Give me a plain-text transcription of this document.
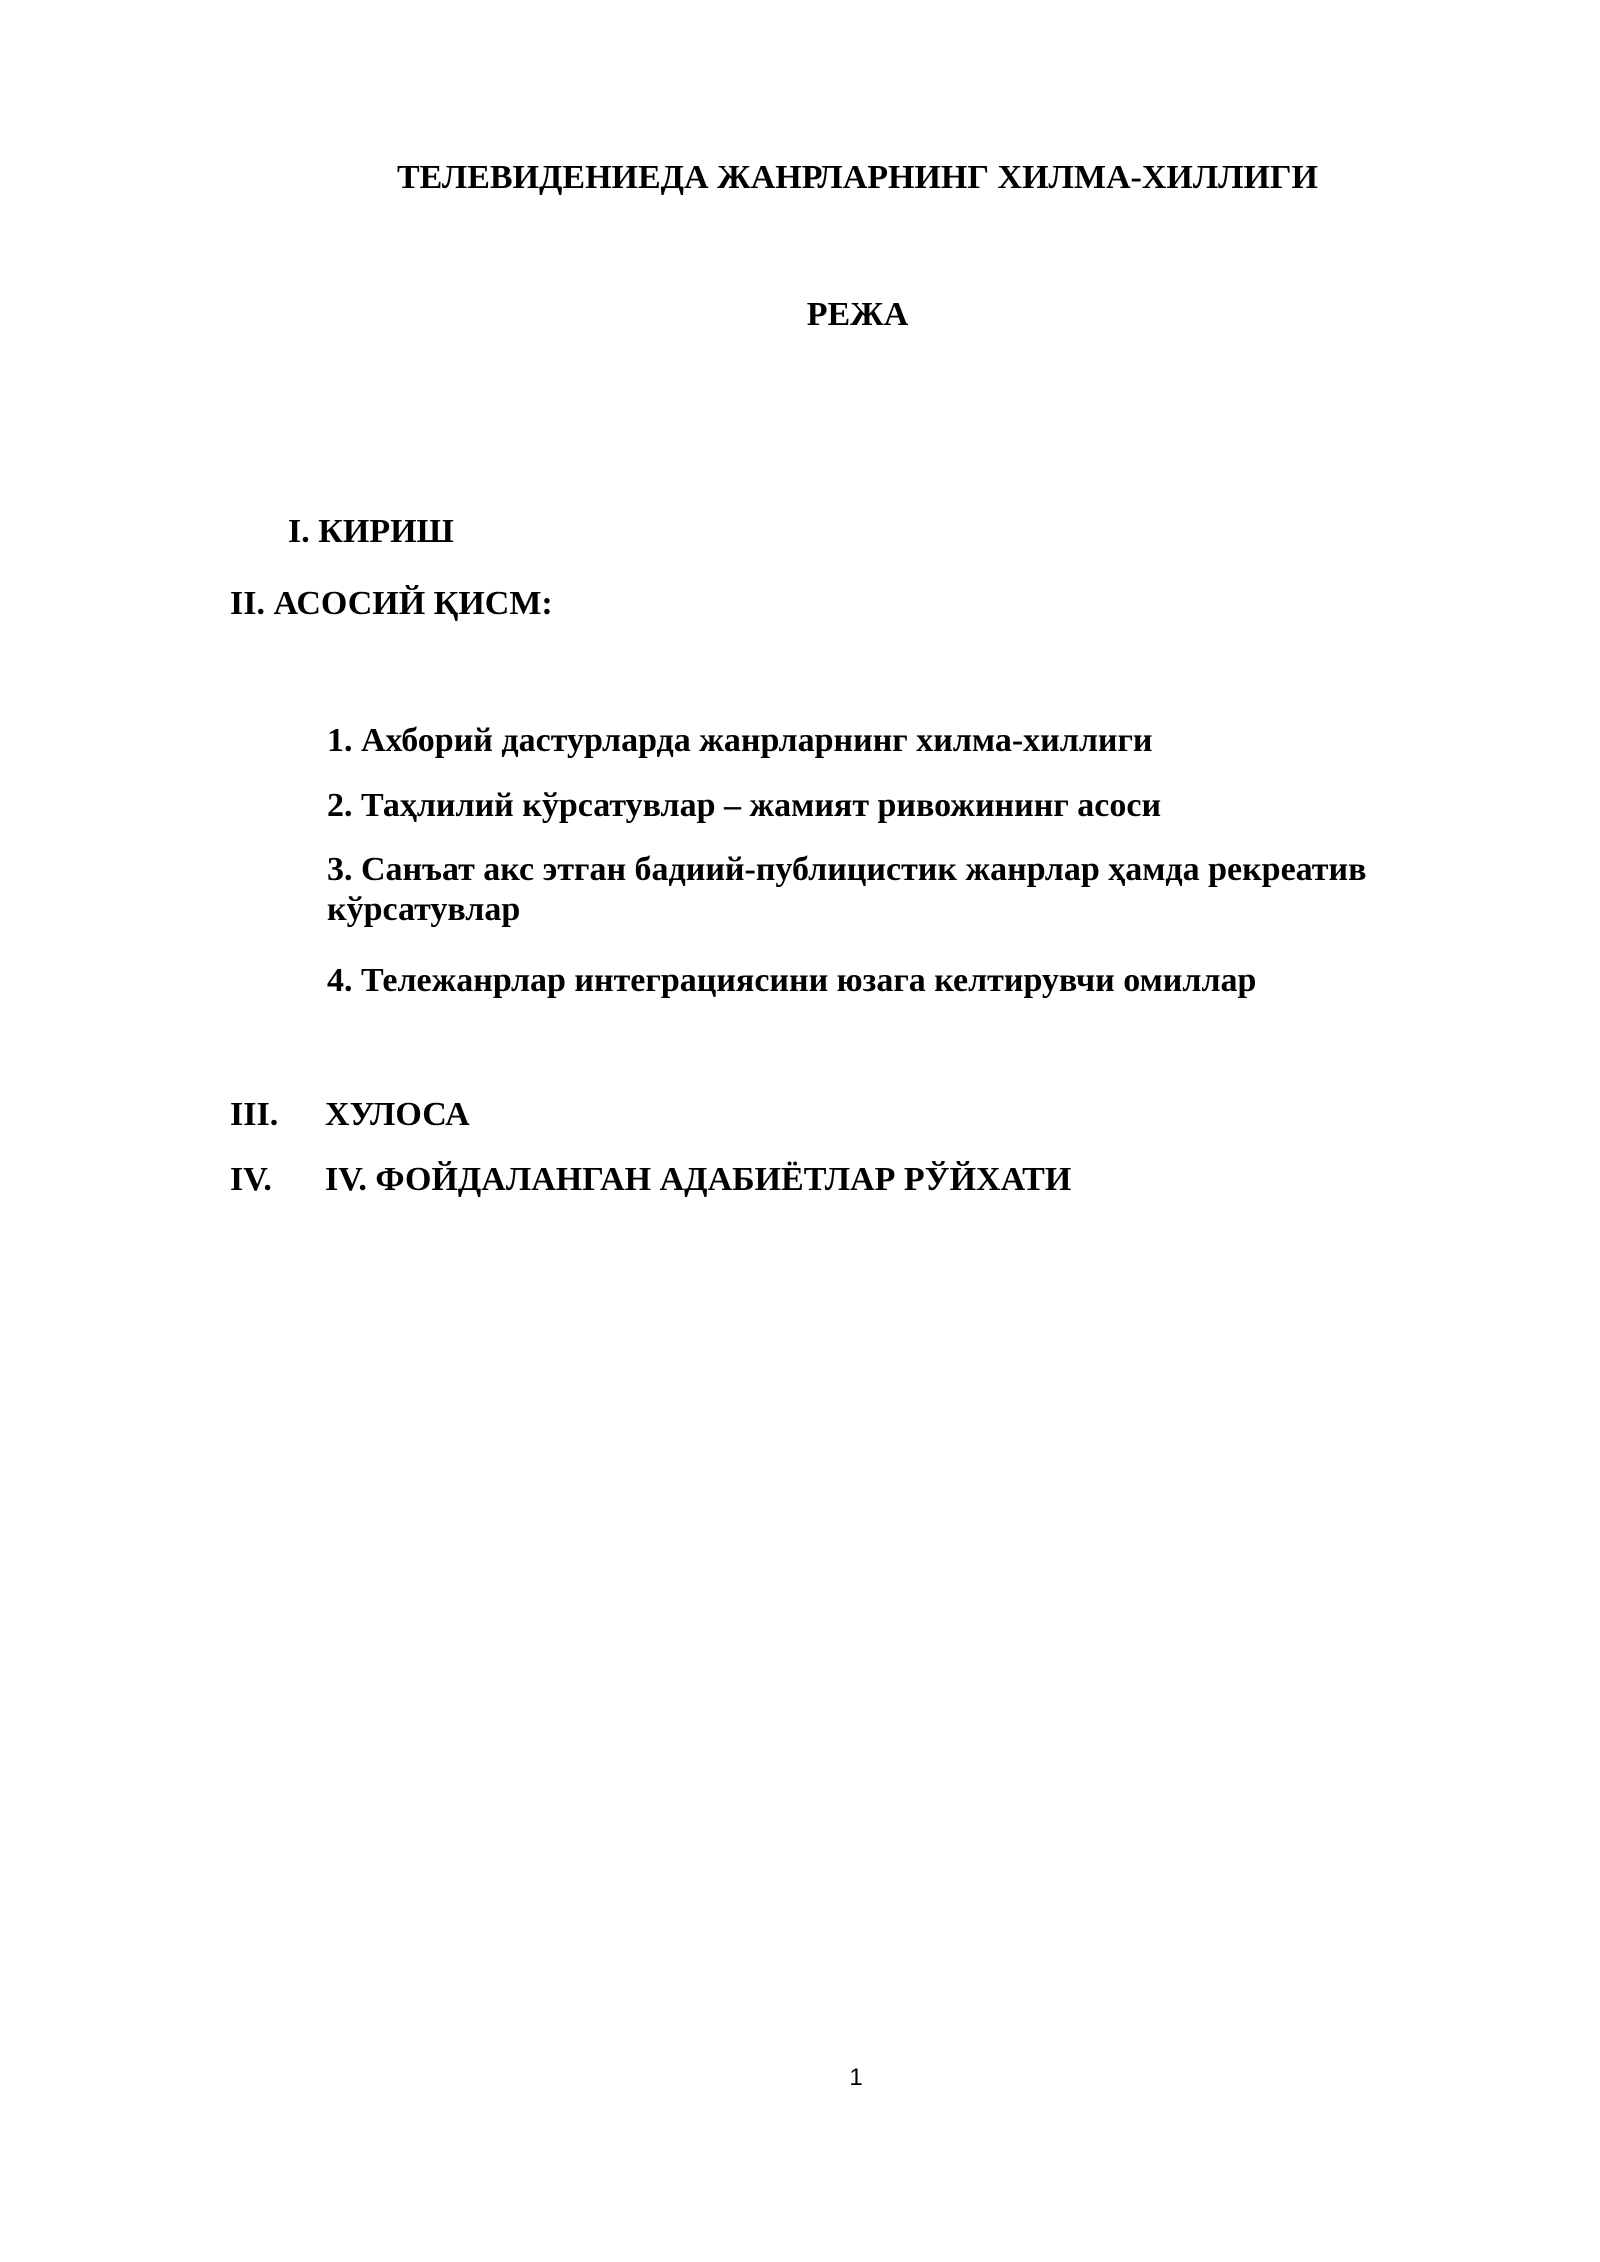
ТЕЛЕВИДЕНИЕДА ЖАНРЛАРНИНГ ХИЛМА-ХИЛЛИГИ
РЕЖА
I. КИРИШ
II. АСОСИЙ ҚИСМ:
1. Ахборий дастурларда жанрларнинг хилма-хиллиги
2. Таҳлилий кўрсатувлар – жамият ривожининг асоси
3. Санъат акс этган бадиий-публицистик жанрлар ҳамда рекреатив кўрсатувлар
4. Тележанрлар интеграциясини юзага келтирувчи омиллар
III. ХУЛОСА
IV. IV. ФОЙДАЛАНГАН АДАБИЁТЛАР РЎЙХАТИ
1
